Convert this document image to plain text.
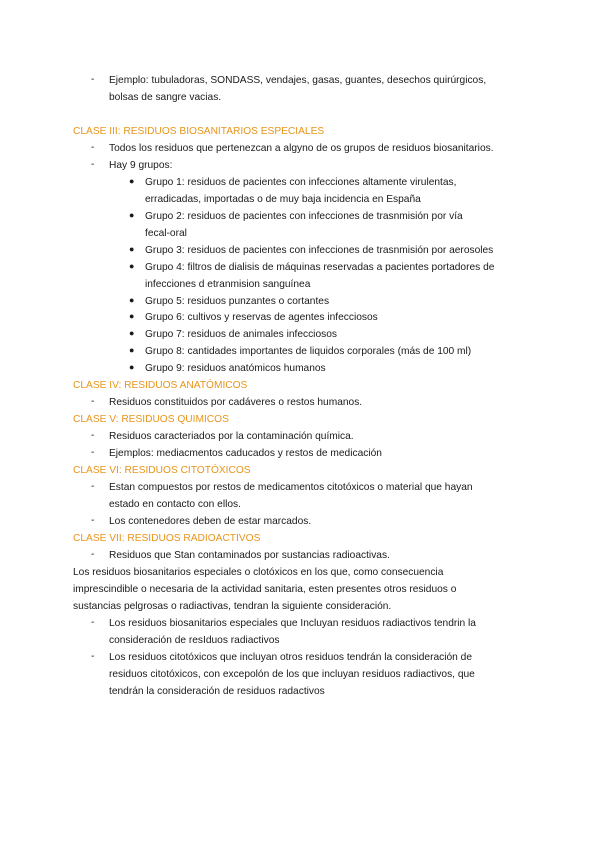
- Ejemplo: tubuladoras, SONDASS, vendajes, gasas, guantes, desechos quirúrgicos,
bolsas de sangre vacias.
CLASE III: RESIDUOS BIOSANITARIOS ESPECIALES
- Todos los residuos que pertenezcan a algyno de os grupos de residuos biosanitarios.
- Hay 9 grupos:
● Grupo 1: residuos de pacientes con infecciones altamente virulentas,
erradicadas, importadas o de muy baja incidencia en España
● Grupo 2: residuos de pacientes con infecciones de trasnmisión por vía
fecal-oral
● Grupo 3: residuos de pacientes con infecciones de trasnmisión por aerosoles
● Grupo 4: filtros de dialisis de máquinas reservadas a pacientes portadores de
infecciones d etranmision sanguínea
● Grupo 5: residuos punzantes o cortantes
● Grupo 6: cultivos y reservas de agentes infecciosos
● Grupo 7: residuos de animales infecciosos
● Grupo 8: cantidades importantes de liquidos corporales (más de 100 ml)
● Grupo 9: residuos anatómicos humanos
CLASE IV: RESIDUOS ANATÓMICOS
- Residuos constituidos por cadáveres o restos humanos.
CLASE V: RESIDUOS QUIMICOS
- Residuos caracteriados por la contaminación química.
- Ejemplos: mediacmentos caducados y restos de medicación
CLASE VI: RESIDUOS CITOTÓXICOS
- Estan compuestos por restos de medicamentos citotóxicos o material que hayan
estado en contacto con ellos.
- Los contenedores deben de estar marcados.
CLASE VII: RESIDUOS RADIOACTIVOS
- Residuos que Stan contaminados por sustancias radioactivas.
Los residuos biosanitarios especiales o clotóxicos en los que, como consecuencia
imprescindible o necesaria de la actividad sanitaria, esten presentes otros residuos o
sustancias pelgrosas o radiactivas, tendran la siguiente consideración.
- Los residuos biosanitarios especiales que Incluyan residuos radiactivos tendrin la
consideración de resIduos radiactivos
- Los residuos citotóxicos que incluyan otros residuos tendrán la consideración de
residuos citotóxicos, con excepolón de los que incluyan residuos radiactivos, que
tendrán la consideración de residuos radactivos
